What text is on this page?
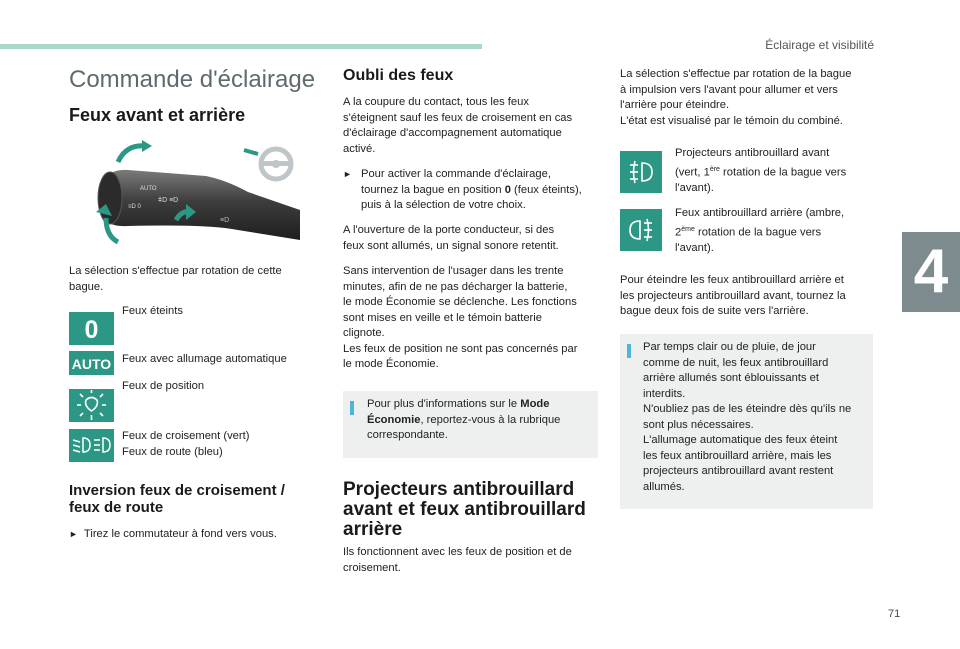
Éclairage et visibilité
4
71
Commande d'éclairage
Feux avant et arrière
AUTO
≡D 0
ǂD ≡D
≡D
La sélection s'effectue par rotation de cette
bague.
0
Feux éteints
AUTO Feux avec allumage automatique
Feux de position
Feux de croisement (vert)
Feux de route (bleu)
Inversion feux de croisement /
feux de route
► Tirez le commutateur à fond vers vous.
Oubli des feux
A la coupure du contact, tous les feux
s'éteignent sauf les feux de croisement en cas
d'éclairage d'accompagnement automatique
activé.
► Pour activer la commande d'éclairage,
tournez la bague en position 0 (feux éteints),
puis à la sélection de votre choix.
A l'ouverture de la porte conducteur, si des
feux sont allumés, un signal sonore retentit.
Sans intervention de l'usager dans les trente
minutes, afin de ne pas décharger la batterie,
le mode Économie se déclenche. Les fonctions
sont mises en veille et le témoin batterie
clignote.
Les feux de position ne sont pas concernés par
le mode Économie.
Pour plus d'informations sur le Mode
Économie, reportez-vous à la rubrique
correspondante.
Projecteurs antibrouillard
avant et feux antibrouillard
arrière
Ils fonctionnent avec les feux de position et de
croisement.
La sélection s'effectue par rotation de la bague
à impulsion vers l'avant pour allumer et vers
l'arrière pour éteindre.
L'état est visualisé par le témoin du combiné.
Projecteurs antibrouillard avant
(vert, 1ère rotation de la bague vers
l'avant).
Feux antibrouillard arrière (ambre,
2ème rotation de la bague vers
l'avant).
Pour éteindre les feux antibrouillard arrière et
les projecteurs antibrouillard avant, tournez la
bague deux fois de suite vers l'arrière.
Par temps clair ou de pluie, de jour
comme de nuit, les feux antibrouillard
arrière allumés sont éblouissants et
interdits.
N'oubliez pas de les éteindre dès qu'ils ne
sont plus nécessaires.
L'allumage automatique des feux éteint
les feux antibrouillard arrière, mais les
projecteurs antibrouillard avant restent
allumés.
